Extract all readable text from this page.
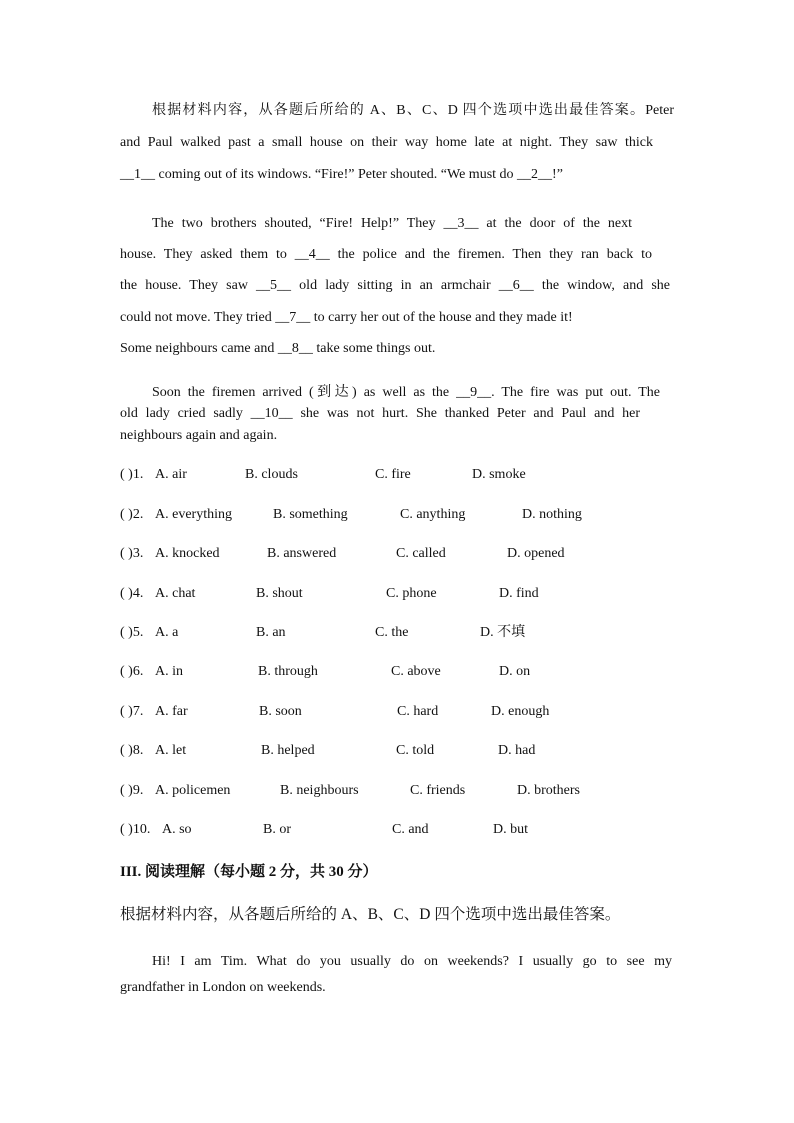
根据材料内容，从各题后所给的 A、B、C、D 四个选项中选出最佳答案。Peter
and Paul walked past a small house on their way home late at night. They saw thick
__1__ coming out of its windows. “Fire!” Peter shouted. “We must do __2__!”
The two brothers shouted, “Fire! Help!” They __3__ at the door of the next
house. They asked them to __4__ the police and the firemen. Then they ran back to
the house. They saw __5__ old lady sitting in an armchair __6__ the window, and she
could not move. They tried __7__ to carry her out of the house and they made it!
Some neighbours came and __8__ take some things out.
Soon the firemen arrived (到达) as well as the __9__. The fire was put out. The
old lady cried sadly __10__ she was not hurt. She thanked Peter and Paul and her
neighbours again and again.
( )1. A. air	B. clouds	C. fire	D. smoke
( )2. A. everything	B. something	C. anything	D. nothing
( )3. A. knocked	B. answered	C. called	D. opened
( )4. A. chat	B. shout	C. phone	D. find
( )5. A. a	B. an	C. the	D. 不填
( )6. A. in	B. through	C. above	D. on
( )7. A. far	B. soon	C. hard	D. enough
( )8. A. let	B. helped	C. told	D. had
( )9. A. policemen	B. neighbours	C. friends	D. brothers
( )10. A. so	B. or	C. and	D. but
III. 阅读理解（每小题 2 分，共 30 分）
根据材料内容，从各题后所给的 A、B、C、D 四个选项中选出最佳答案。
Hi! I am Tim. What do you usually do on weekends? I usually go to see my
grandfather in London on weekends.
